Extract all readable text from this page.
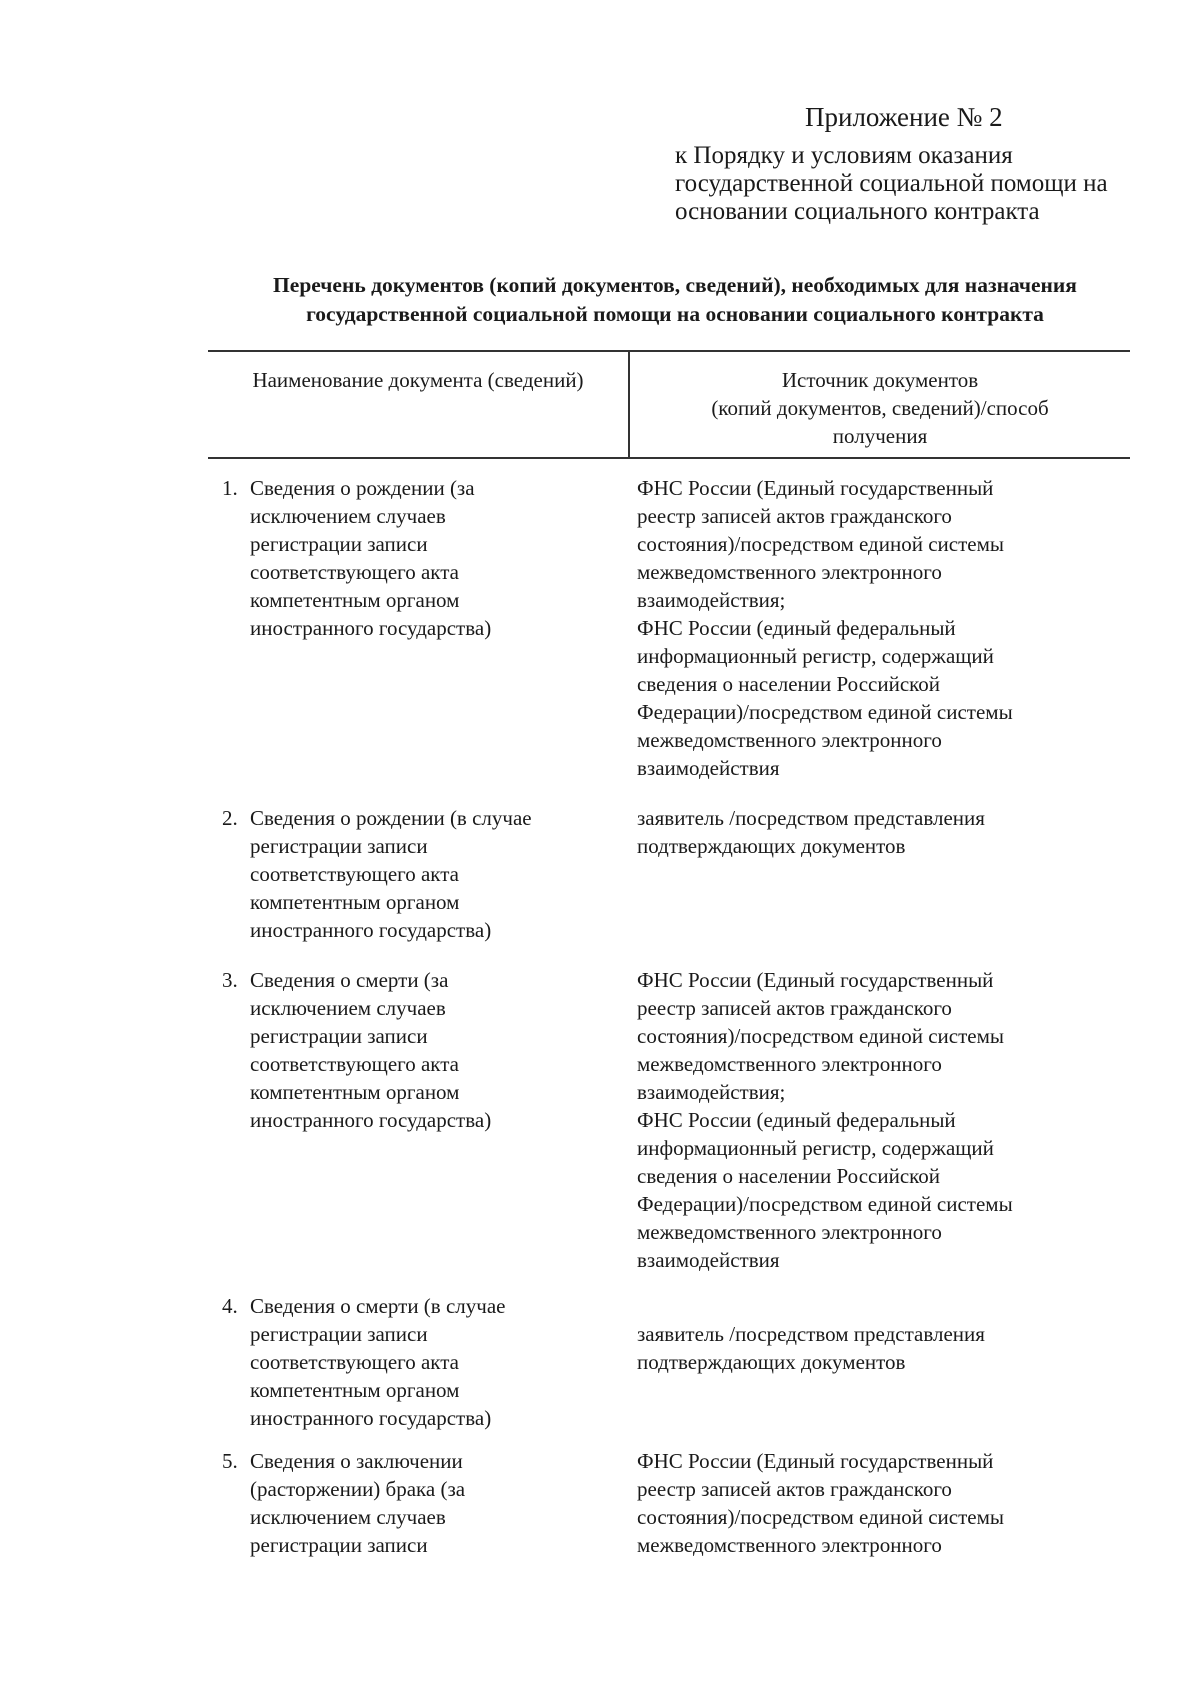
Приложение № 2
к Порядку и условиям оказания государственной социальной помощи на основании социального контракта
Перечень документов (копий документов, сведений), необходимых для назначения
государственной социальной помощи на основании социального контракта
Наименование документа (сведений)	Источник документов
(копий документов, сведений)/способ
получения
1. Сведения о рождении (за
исключением случаев
регистрации записи
соответствующего акта
компетентным органом
иностранного государства)
ФНС России (Единый государственный
реестр записей актов гражданского
состояния)/посредством единой системы
межведомственного электронного
взаимодействия;
ФНС России (единый федеральный
информационный регистр, содержащий
сведения о населении Российской
Федерации)/посредством единой системы
межведомственного электронного
взаимодействия
2. Сведения о рождении (в случае
регистрации записи
соответствующего акта
компетентным органом
иностранного государства)
заявитель /посредством представления
подтверждающих документов
3. Сведения о смерти (за
исключением случаев
регистрации записи
соответствующего акта
компетентным органом
иностранного государства)
ФНС России (Единый государственный
реестр записей актов гражданского
состояния)/посредством единой системы
межведомственного электронного
взаимодействия;
ФНС России (единый федеральный
информационный регистр, содержащий
сведения о населении Российской
Федерации)/посредством единой системы
межведомственного электронного
взаимодействия
4. Сведения о смерти (в случае
регистрации записи
соответствующего акта
компетентным органом
иностранного государства)
заявитель /посредством представления
подтверждающих документов
5. Сведения о заключении
(расторжении) брака (за
исключением случаев
регистрации записи
ФНС России (Единый государственный
реестр записей актов гражданского
состояния)/посредством единой системы
межведомственного электронного
